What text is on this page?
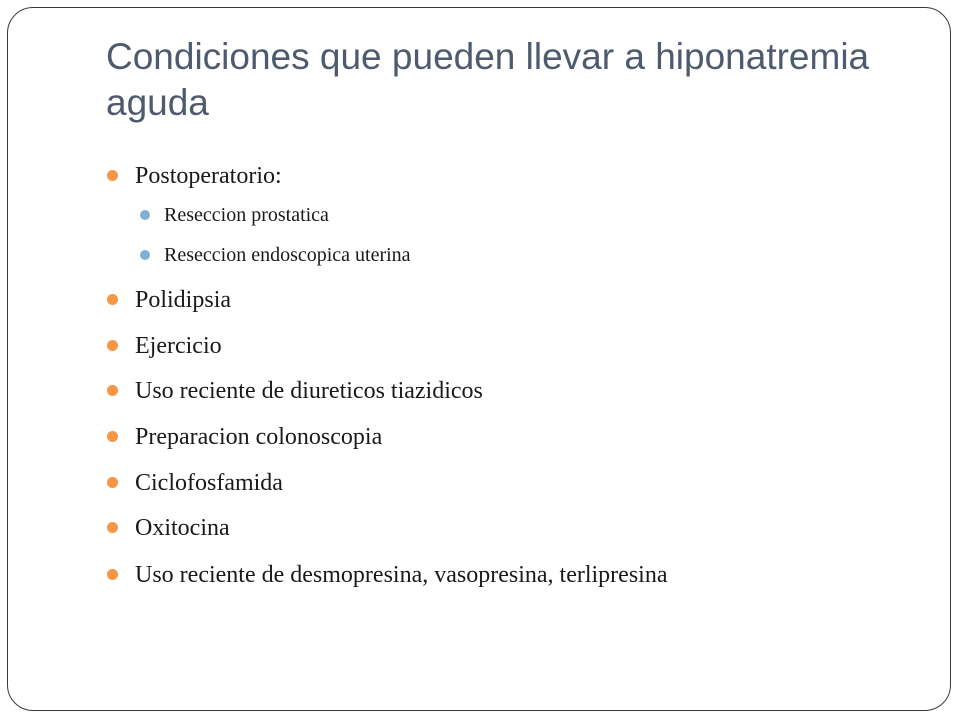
Condiciones que pueden llevar a hiponatremia aguda
Postoperatorio:
Reseccion prostatica
Reseccion endoscopica uterina
Polidipsia
Ejercicio
Uso reciente de diureticos tiazidicos
Preparacion colonoscopia
Ciclofosfamida
Oxitocina
Uso reciente de desmopresina, vasopresina, terlipresina
